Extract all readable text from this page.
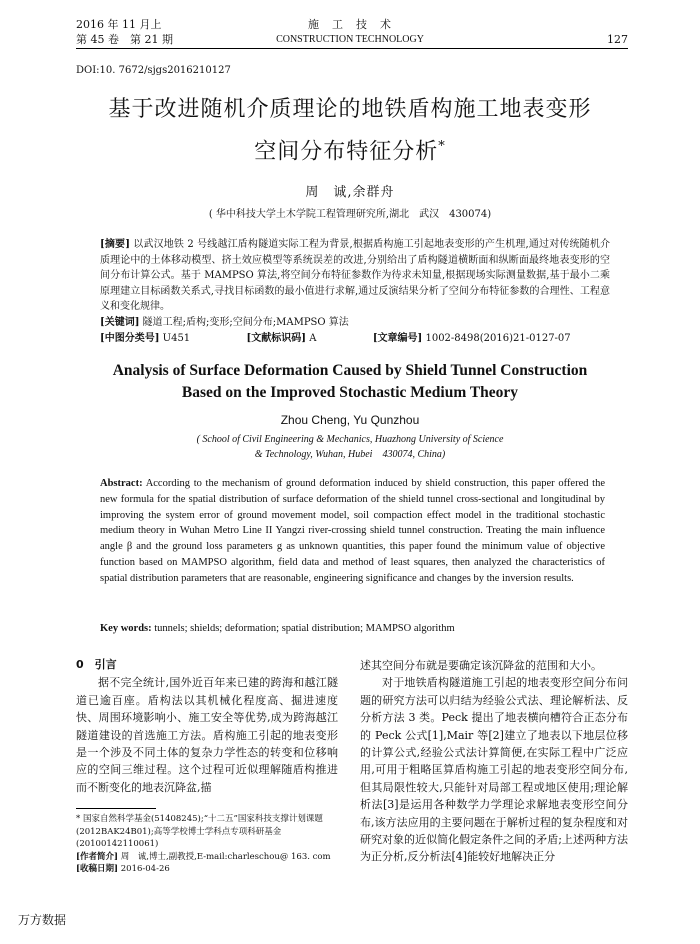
2016 年 11 月上
第 45 卷　第 21 期
施　工　技　术
CONSTRUCTION TECHNOLOGY	127
DOI:10. 7672/sjgs2016210127
基于改进随机介质理论的地铁盾构施工地表变形
空间分布特征分析*
周　诚,余群舟
( 华中科技大学土木学院工程管理研究所,湖北　武汉　430074)
[摘要] 以武汉地铁 2 号线越江盾构隧道实际工程为背景,根据盾构施工引起地表变形的产生机理,通过对传统随机介质理论中的土体移动模型、挤土效应模型等系统误差的改进,分别给出了盾构隧道横断面和纵断面最终地表变形的空间分布计算公式。基于 MAMPSO 算法,将空间分布特征参数作为待求未知量,根据现场实际测量数据,基于最小二乘原理建立目标函数关系式,寻找目标函数的最小值进行求解,通过反演结果分析了空间分布特征参数的合理性、工程意义和变化规律。
[关键词] 隧道工程;盾构;变形;空间分布;MAMPSO 算法
[中图分类号] U451	[文献标识码] A	[文章编号] 1002-8498(2016)21-0127-07
Analysis of Surface Deformation Caused by Shield Tunnel Construction
Based on the Improved Stochastic Medium Theory
Zhou Cheng, Yu Qunzhou
( School of Civil Engineering & Mechanics, Huazhong University of Science
& Technology, Wuhan, Hubei　430074, China)
Abstract: According to the mechanism of ground deformation induced by shield construction, this paper offered the new formula for the spatial distribution of surface deformation of the shield tunnel cross-sectional and longitudinal by improving the system error of ground movement model, soil compaction effect model in the traditional stochastic medium theory in Wuhan Metro Line II Yangzi river-crossing shield tunnel construction. Treating the main influence angle β and the ground loss parameters g as unknown quantities, this paper found the minimum value of objective function based on MAMPSO algorithm, field data and method of least squares, then analyzed the characteristics of spatial distribution parameters that are reasonable, engineering significance and changes by the inversion results.
Key words: tunnels; shields; deformation; spatial distribution; MAMPSO algorithm

0　引言

据不完全统计,国外近百年来已建的跨海和越江隧道已逾百座。盾构法以其机械化程度高、掘进速度快、周围环境影响小、施工安全等优势,成为跨海越江隧道建设的首选施工方法。盾构施工引起的地表变形是一个涉及不同土体的复杂力学性态的转变和位移响应的空间三维过程。这个过程可近似理解随盾构推进而不断变化的地表沉降盆,描

* 国家自然科学基金(51408245);“十二五”国家科技支撑计划课题(2012BAK24B01);高等学校博士学科点专项科研基金(20100142110061)
[作者简介] 周　诚,博士,副教授,E-mail:charleschou@ 163. com
[收稿日期] 2016-04-26

述其空间分布就是要确定该沉降盆的范围和大小。

对于地铁盾构隧道施工引起的地表变形空间分布问题的研究方法可以归结为经验公式法、理论解析法、反分析方法 3 类。Peck 提出了地表横向槽符合正态分布的 Peck 公式[1],Mair 等[2]建立了地表以下地层位移的计算公式,经验公式法计算简便,在实际工程中广泛应用,可用于粗略匡算盾构施工引起的地表变形空间分布,但其局限性较大,只能针对局部工程或地区使用;理论解析法[3]是运用各种数学力学理论求解地表变形空间分布,该方法应用的主要问题在于解析过程的复杂程度和对研究对象的近似简化假定条件之间的矛盾;上述两种方法为正分析,反分析法[4]能较好地解决正分

万方数据
